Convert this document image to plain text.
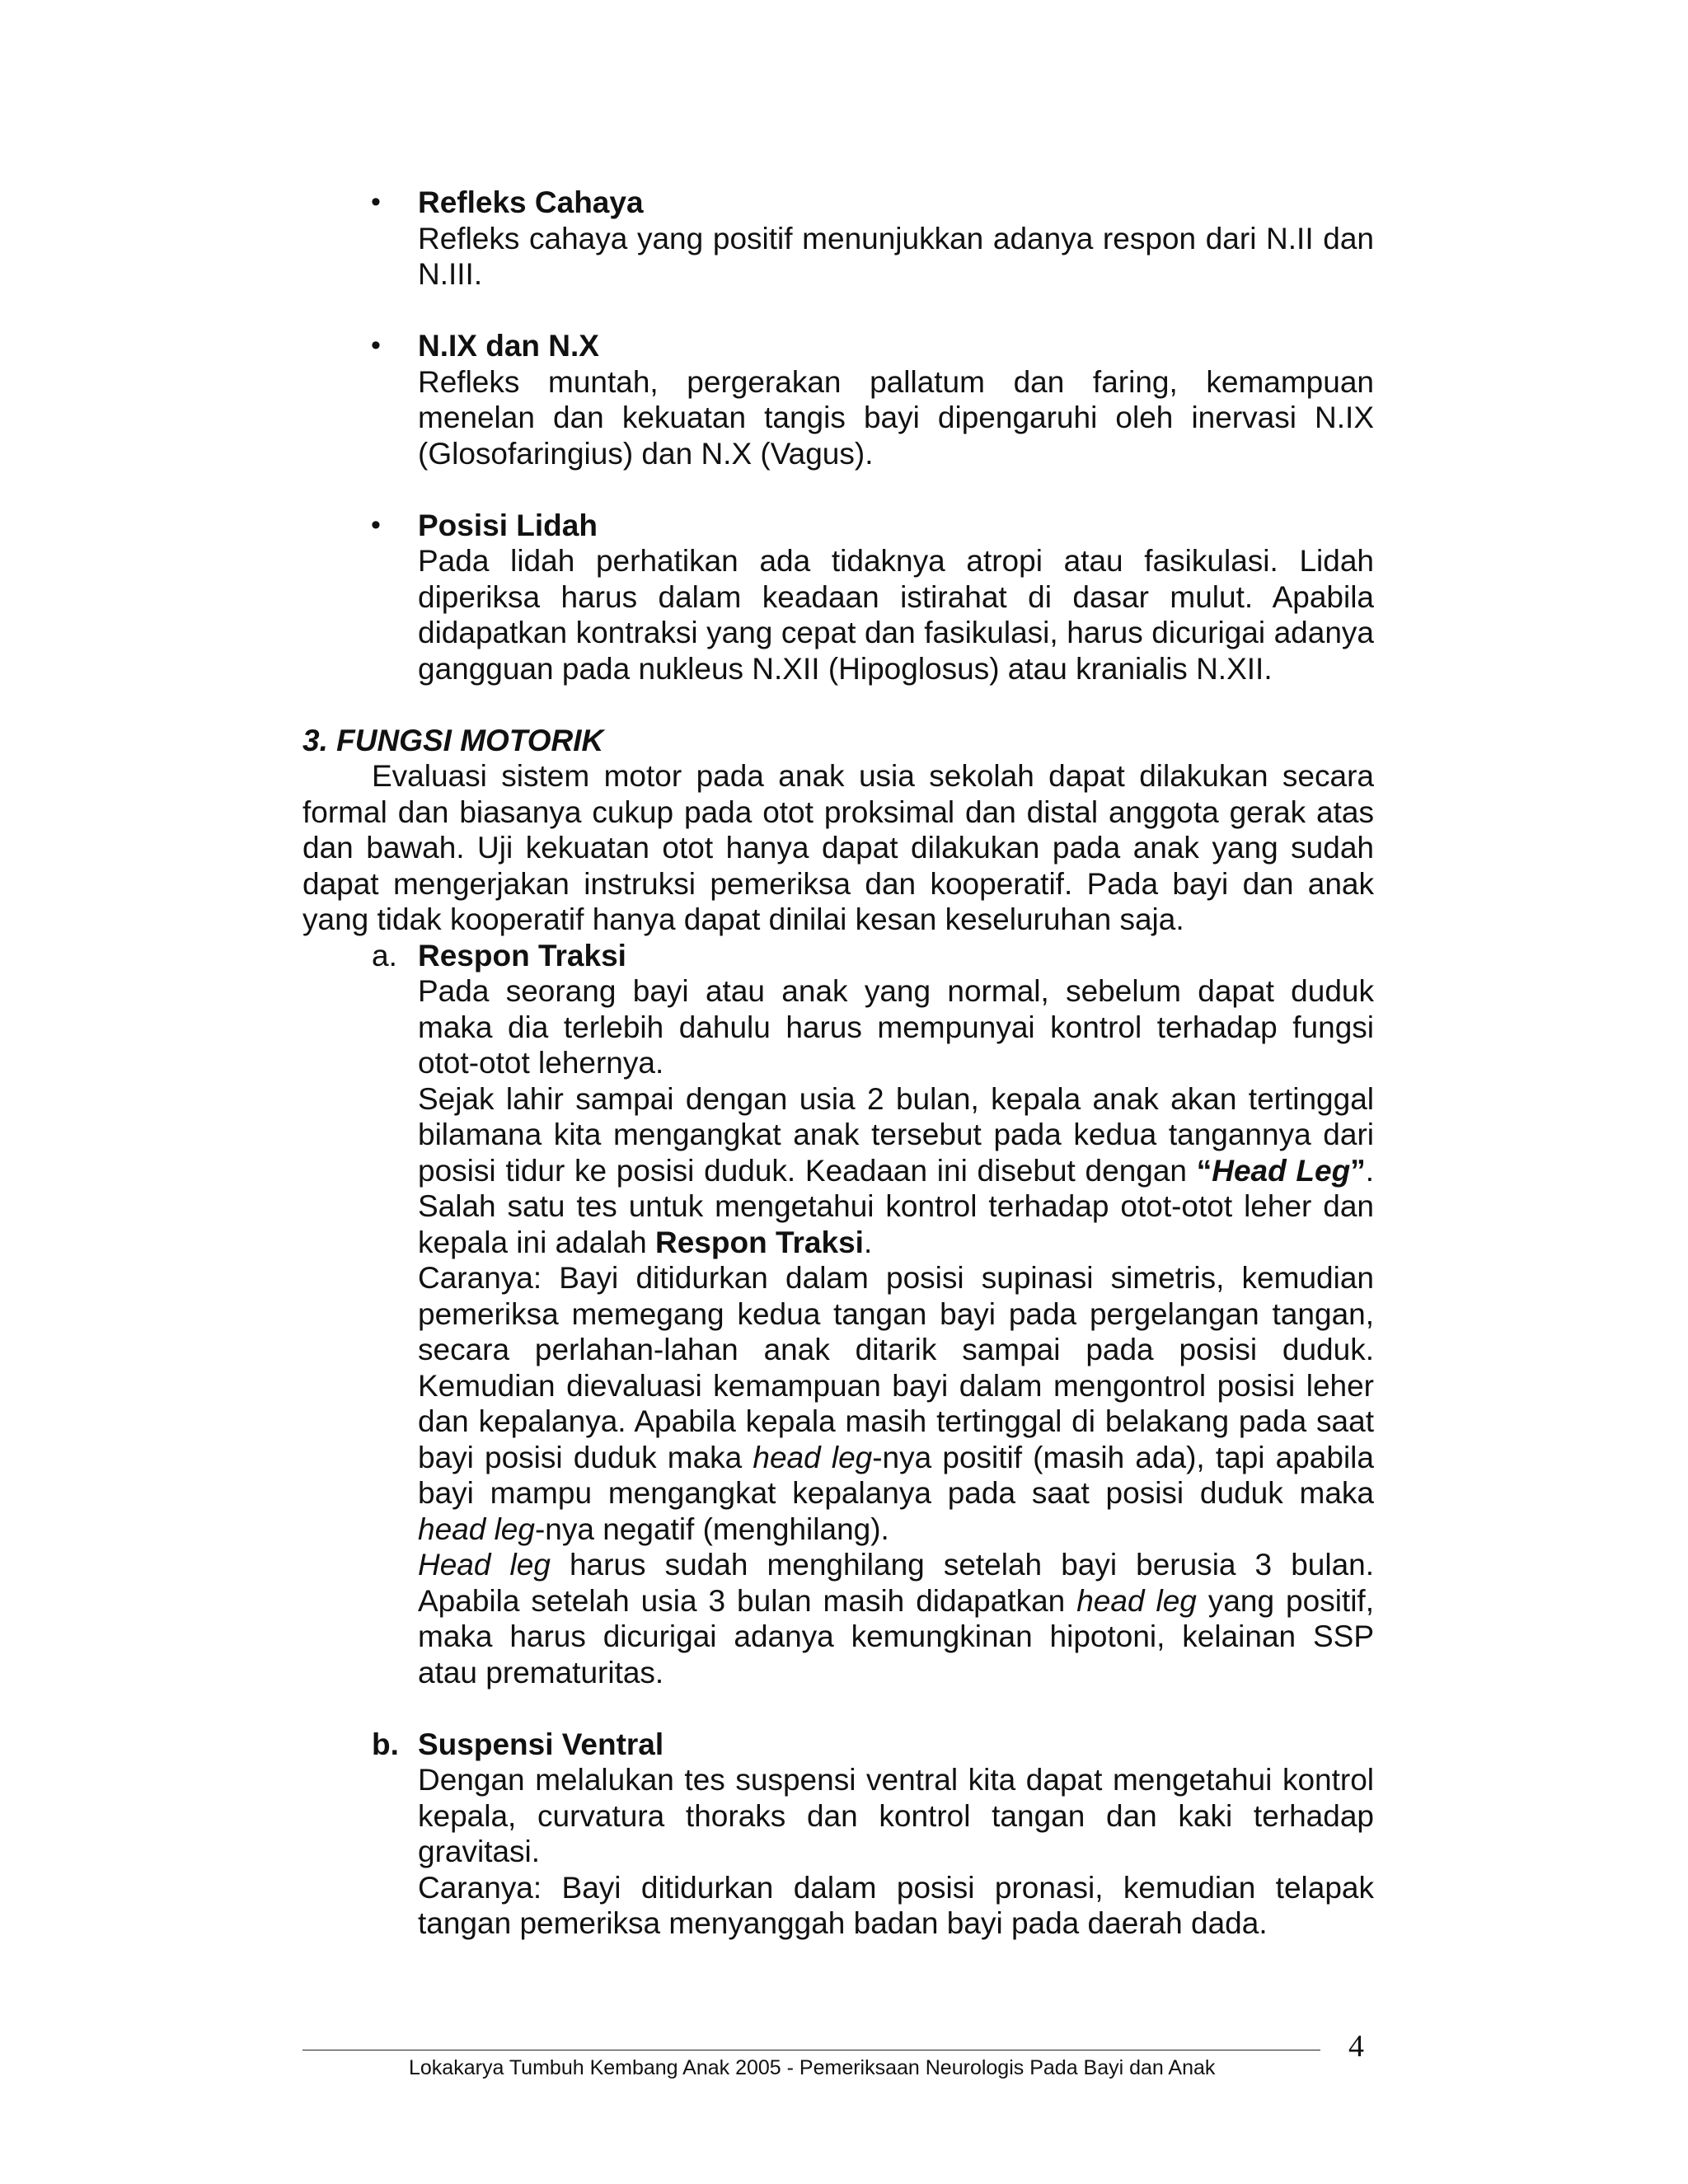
• Refleks Cahaya
Refleks cahaya yang positif menunjukkan adanya respon dari N.II dan N.III.
• N.IX dan N.X
Refleks muntah, pergerakan pallatum dan faring, kemampuan menelan dan kekuatan tangis bayi dipengaruhi oleh inervasi N.IX (Glosofaringius) dan N.X (Vagus).
• Posisi Lidah
Pada lidah perhatikan ada tidaknya atropi atau fasikulasi. Lidah diperiksa harus dalam keadaan istirahat di dasar mulut. Apabila didapatkan kontraksi yang cepat dan fasikulasi, harus dicurigai adanya gangguan pada nukleus N.XII (Hipoglosus) atau kranialis N.XII.
3. FUNGSI MOTORIK
Evaluasi sistem motor pada anak usia sekolah dapat dilakukan secara formal dan biasanya cukup pada otot proksimal dan distal anggota gerak atas dan bawah. Uji kekuatan otot hanya dapat dilakukan pada anak yang sudah dapat mengerjakan instruksi pemeriksa dan kooperatif. Pada bayi dan anak yang tidak kooperatif hanya dapat dinilai kesan keseluruhan saja.
a. Respon Traksi
Pada seorang bayi atau anak yang normal, sebelum dapat duduk maka dia terlebih dahulu harus mempunyai kontrol terhadap fungsi otot-otot lehernya.
Sejak lahir sampai dengan usia 2 bulan, kepala anak akan tertinggal bilamana kita mengangkat anak tersebut pada kedua tangannya dari posisi tidur ke posisi duduk. Keadaan ini disebut dengan “Head Leg”. Salah satu tes untuk mengetahui kontrol terhadap otot-otot leher dan kepala ini adalah Respon Traksi.
Caranya: Bayi ditidurkan dalam posisi supinasi simetris, kemudian pemeriksa memegang kedua tangan bayi pada pergelangan tangan, secara perlahan-lahan anak ditarik sampai pada posisi duduk. Kemudian dievaluasi kemampuan bayi dalam mengontrol posisi leher dan kepalanya. Apabila kepala masih tertinggal di belakang pada saat bayi posisi duduk maka head leg-nya positif (masih ada), tapi apabila bayi mampu mengangkat kepalanya pada saat posisi duduk maka head leg-nya negatif (menghilang).
Head leg harus sudah menghilang setelah bayi berusia 3 bulan. Apabila setelah usia 3 bulan masih didapatkan head leg yang positif, maka harus dicurigai adanya kemungkinan hipotoni, kelainan SSP atau prematuritas.
b. Suspensi Ventral
Dengan melalukan tes suspensi ventral kita dapat mengetahui kontrol kepala, curvatura thoraks dan kontrol tangan dan kaki terhadap gravitasi.
Caranya: Bayi ditidurkan dalam posisi pronasi, kemudian telapak tangan pemeriksa menyanggah badan bayi pada daerah dada.
4
Lokakarya Tumbuh Kembang Anak 2005 - Pemeriksaan Neurologis Pada Bayi dan Anak
